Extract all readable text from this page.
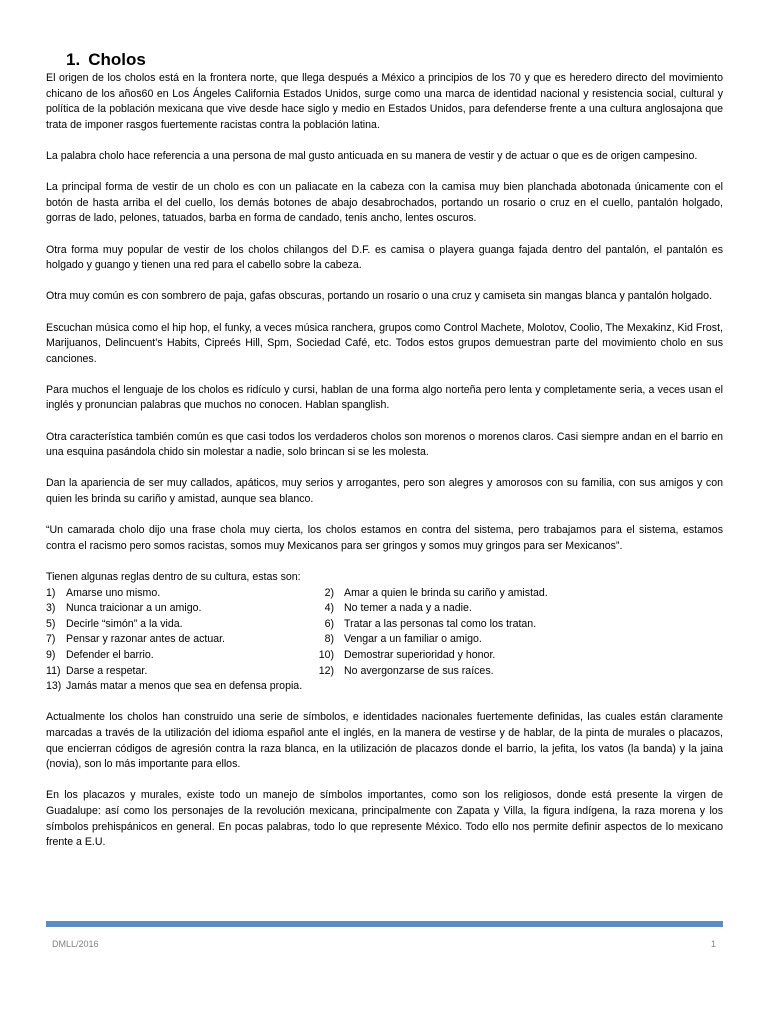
1. Cholos

El origen de los cholos está en la frontera norte, que llega después a México a principios de los 70 y que es heredero directo del movimiento chicano de los años60 en Los Ángeles California Estados Unidos, surge como una marca de identidad nacional y resistencia social, cultural y política de la población mexicana que vive desde hace siglo y medio en Estados Unidos, para defenderse frente a una cultura anglosajona que trata de imponer rasgos fuertemente racistas contra la población latina.

La palabra cholo hace referencia a una persona de mal gusto anticuada en su manera de vestir y de actuar o que es de origen campesino.

La principal forma de vestir de un cholo es con un paliacate en la cabeza con la camisa muy bien planchada abotonada únicamente con el botón de hasta arriba el del cuello, los demás botones de abajo desabrochados, portando un rosario o cruz en el cuello, pantalón holgado, gorras de lado, pelones, tatuados, barba en forma de candado, tenis ancho, lentes oscuros.

Otra forma muy popular de vestir de los cholos chilangos del D.F. es camisa o playera guanga fajada dentro del pantalón, el pantalón es holgado y guango y tienen una red para el cabello sobre la cabeza.

Otra muy común es con sombrero de paja, gafas obscuras, portando un rosario o una cruz y camiseta sin mangas blanca y pantalón holgado.

Escuchan música como el hip hop, el funky, a veces música ranchera, grupos como Control Machete, Molotov, Coolio, The Mexakinz, Kid Frost, Marijuanos, Delincuent’s Habits, Cipreés Hill, Spm, Sociedad Café, etc. Todos estos grupos demuestran parte del movimiento cholo en sus canciones.

Para muchos el lenguaje de los cholos es ridículo y cursi, hablan de una forma algo norteña pero lenta y completamente seria, a veces usan el inglés y pronuncian palabras que muchos no conocen. Hablan spanglish.

Otra característica también común es que casi todos los verdaderos cholos son morenos o morenos claros. Casi siempre andan en el barrio en una esquina pasándola chido sin molestar a nadie, solo brincan si se les molesta.

Dan la apariencia de ser muy callados, apáticos, muy serios y arrogantes, pero son alegres y amorosos con su familia, con sus amigos y con quien les brinda su cariño y amistad, aunque sea blanco.

“Un camarada cholo dijo una frase chola muy cierta, los cholos estamos en contra del sistema, pero trabajamos para el sistema, estamos contra el racismo pero somos racistas, somos muy Mexicanos para ser gringos y somos muy gringos para ser Mexicanos”.

Tienen algunas reglas dentro de su cultura, estas son:

1) Amarse uno mismo.	2) Amar a quien le brinda su cariño y amistad.
3) Nunca traicionar a un amigo.	4) No temer a nada y a nadie.
5) Decirle “simón” a la vida.	6) Tratar a las personas tal como los tratan.
7) Pensar y razonar antes de actuar.	8) Vengar a un familiar o amigo.
9) Defender el barrio.	10) Demostrar superioridad y honor.
11) Darse a respetar.	12) No avergonzarse de sus raíces.
13) Jamás matar a menos que sea en defensa propia.

Actualmente los cholos han construido una serie de símbolos, e identidades nacionales fuertemente definidas, las cuales están claramente marcadas a través de la utilización del idioma español ante el inglés, en la manera de vestirse y de hablar, de la pinta de murales o placazos, que encierran códigos de agresión contra la raza blanca, en la utilización de placazos donde el barrio, la jefita, los vatos (la banda) y la jaina (novia), son lo más importante para ellos.

En los placazos y murales, existe todo un manejo de símbolos importantes, como son los religiosos, donde está presente la virgen de Guadalupe: así como los personajes de la revolución mexicana, principalmente con Zapata y Villa, la figura indígena, la raza morena y los símbolos prehispánicos en general. En pocas palabras, todo lo que represente México. Todo ello nos permite definir aspectos de lo mexicano frente a E.U.

DMLL/2016	1
